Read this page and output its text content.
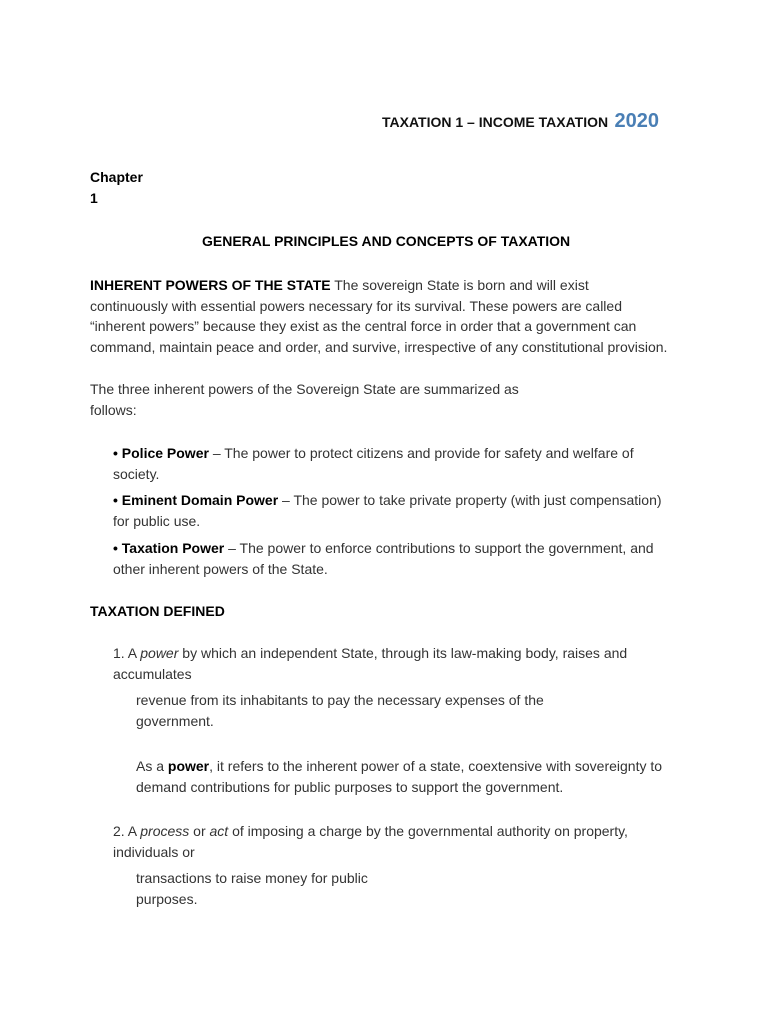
TAXATION 1 – INCOME TAXATION 2020
Chapter
1
GENERAL PRINCIPLES AND CONCEPTS OF TAXATION
INHERENT POWERS OF THE STATE The sovereign State is born and will exist
continuously with essential powers necessary for its survival. These powers are called
“inherent powers” because they exist as the central force in order that a government can
command, maintain peace and order, and survive, irrespective of any constitutional provision.
The three inherent powers of the Sovereign State are summarized as
follows:
• Police Power – The power to protect citizens and provide for safety and welfare of
society.
• Eminent Domain Power – The power to take private property (with just compensation)
for public use.
• Taxation Power – The power to enforce contributions to support the government, and
other inherent powers of the State.
TAXATION DEFINED
1. A power by which an independent State, through its law-making body, raises and
accumulates
revenue from its inhabitants to pay the necessary expenses of the
government.
As a power, it refers to the inherent power of a state, coextensive with sovereignty to
demand contributions for public purposes to support the government.
2. A process or act of imposing a charge by the governmental authority on property,
individuals or
transactions to raise money for public
purposes.
